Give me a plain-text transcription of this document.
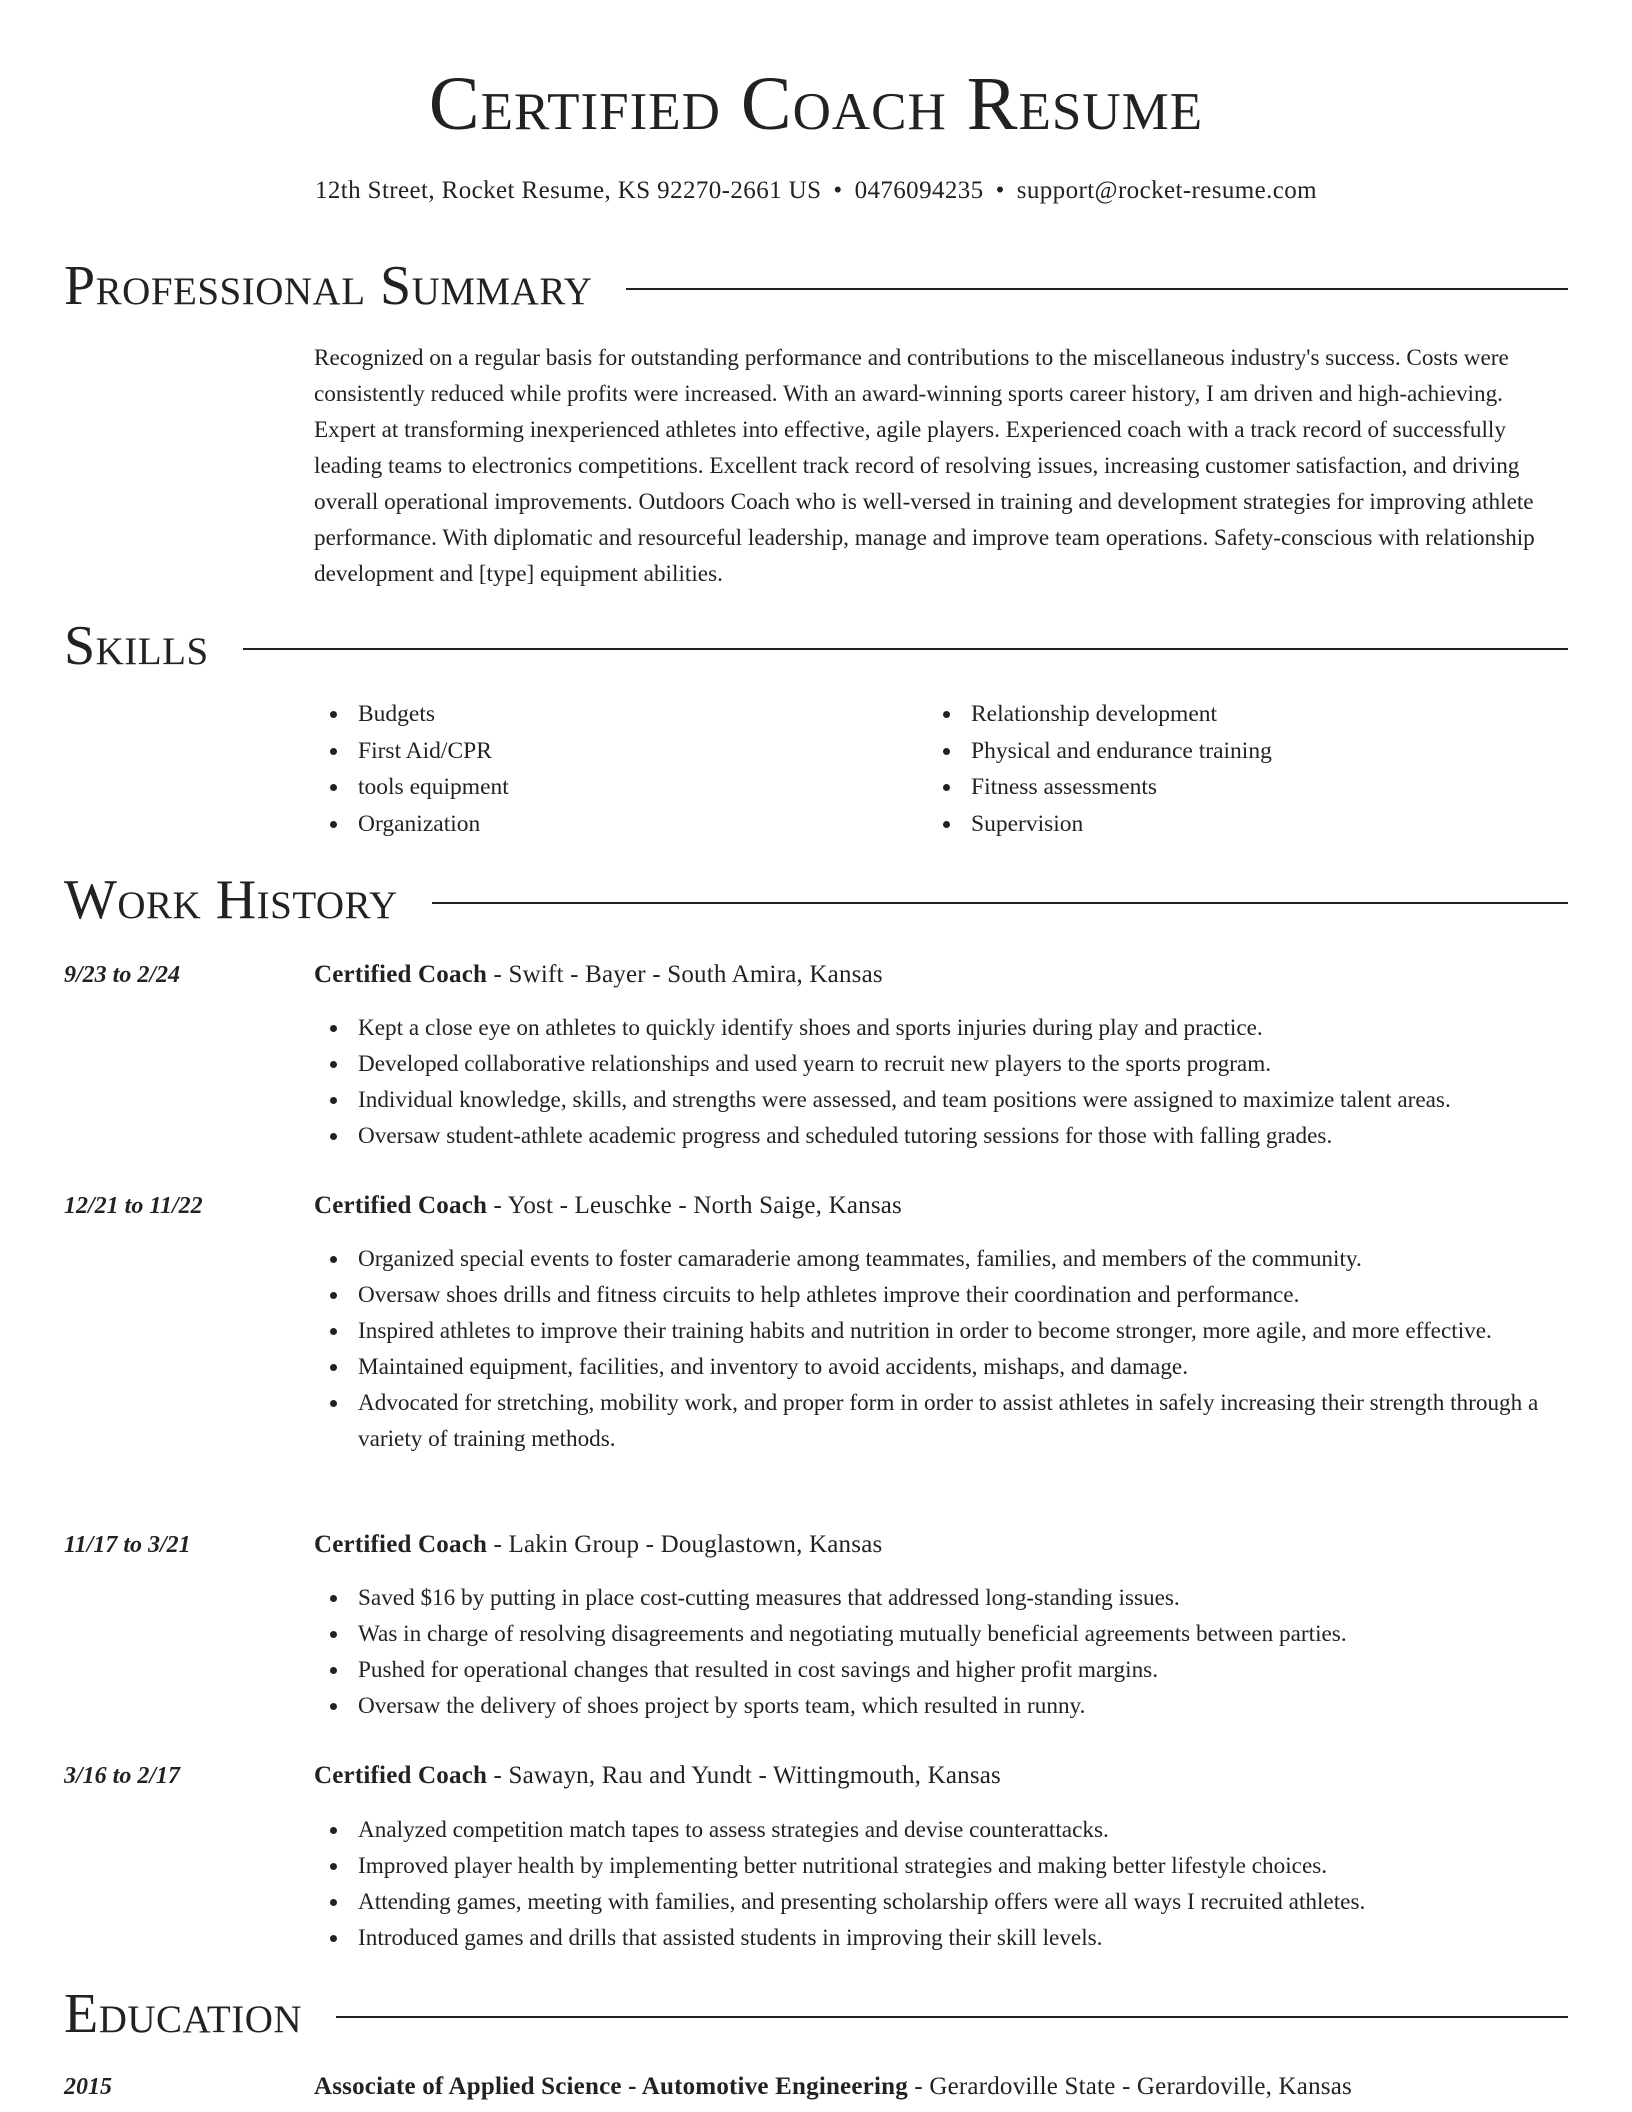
Certified Coach Resume
12th Street, Rocket Resume, KS 92270-2661 US • 0476094235 • support@rocket-resume.com
Professional Summary

Recognized on a regular basis for outstanding performance and contributions to the miscellaneous industry's success. Costs were consistently reduced while profits were increased. With an award-winning sports career history, I am driven and high-achieving. Expert at transforming inexperienced athletes into effective, agile players. Experienced coach with a track record of successfully leading teams to electronics competitions. Excellent track record of resolving issues, increasing customer satisfaction, and driving overall operational improvements. Outdoors Coach who is well-versed in training and development strategies for improving athlete performance. With diplomatic and resourceful leadership, manage and improve team operations. Safety-conscious with relationship development and [type] equipment abilities.

Skills
Budgets
First Aid/CPR
tools equipment
Organization
Relationship development
Physical and endurance training
Fitness assessments
Supervision
Work History
9/23 to 2/24	Certified Coach - Swift - Bayer - South Amira, Kansas
Kept a close eye on athletes to quickly identify shoes and sports injuries during play and practice.
Developed collaborative relationships and used yearn to recruit new players to the sports program.
Individual knowledge, skills, and strengths were assessed, and team positions were assigned to maximize talent areas.
Oversaw student-athlete academic progress and scheduled tutoring sessions for those with falling grades.
12/21 to 11/22	Certified Coach - Yost - Leuschke - North Saige, Kansas
Organized special events to foster camaraderie among teammates, families, and members of the community.
Oversaw shoes drills and fitness circuits to help athletes improve their coordination and performance.
Inspired athletes to improve their training habits and nutrition in order to become stronger, more agile, and more effective.
Maintained equipment, facilities, and inventory to avoid accidents, mishaps, and damage.
Advocated for stretching, mobility work, and proper form in order to assist athletes in safely increasing their strength through a variety of training methods.
11/17 to 3/21	Certified Coach - Lakin Group - Douglastown, Kansas
Saved $16 by putting in place cost-cutting measures that addressed long-standing issues.
Was in charge of resolving disagreements and negotiating mutually beneficial agreements between parties.
Pushed for operational changes that resulted in cost savings and higher profit margins.
Oversaw the delivery of shoes project by sports team, which resulted in runny.
3/16 to 2/17	Certified Coach - Sawayn, Rau and Yundt - Wittingmouth, Kansas
Analyzed competition match tapes to assess strategies and devise counterattacks.
Improved player health by implementing better nutritional strategies and making better lifestyle choices.
Attending games, meeting with families, and presenting scholarship offers were all ways I recruited athletes.
Introduced games and drills that assisted students in improving their skill levels.
Education
2015	Associate of Applied Science - Automotive Engineering - Gerardoville State - Gerardoville, Kansas
